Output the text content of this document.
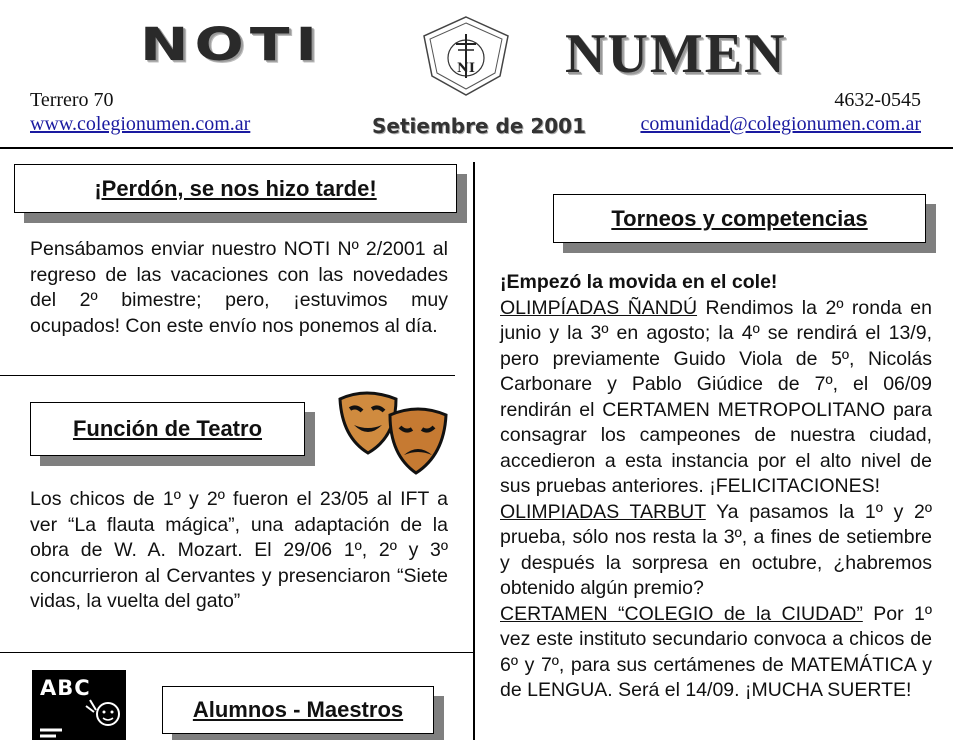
NOTI	NI NUMEN
Terrero 70
www.colegionumen.com.ar	Setiembre de 2001
4632-0545
comunidad@colegionumen.com.ar
¡Perdón, se nos hizo tarde!
Pensábamos enviar nuestro NOTI Nº 2/2001 al regreso de las vacaciones con las novedades del 2º bimestre; pero, ¡estuvimos muy ocupados! Con este envío nos ponemos al día.
Función de Teatro
Los chicos de 1º y 2º fueron el 23/05 al IFT a ver “La flauta mágica”, una adaptación de la obra de W. A. Mozart. El 29/06 1º, 2º y 3º concurrieron al Cervantes y presenciaron “Siete vidas, la vuelta del gato”
ABC
Alumnos - Maestros
Torneos y competencias
¡Empezó la movida en el cole!
OLIMPÍADAS ÑANDÚ Rendimos la 2º ronda en junio y la 3º en agosto; la 4º se rendirá el 13/9, pero previamente Guido Viola de 5º, Nicolás Carbonare y Pablo Giúdice de 7º, el 06/09 rendirán el CERTAMEN METROPOLITANO para consagrar los campeones de nuestra ciudad, accedieron a esta instancia por el alto nivel de sus pruebas anteriores. ¡FELICITACIONES!
OLIMPIADAS TARBUT Ya pasamos la 1º y 2º prueba, sólo nos resta la 3º, a fines de setiembre y después la sorpresa en octubre, ¿habremos obtenido algún premio?
CERTAMEN “COLEGIO de la CIUDAD” Por 1º vez este instituto secundario convoca a chicos de 6º y 7º, para sus certámenes de MATEMÁTICA y de LENGUA. Será el 14/09. ¡MUCHA SUERTE!
